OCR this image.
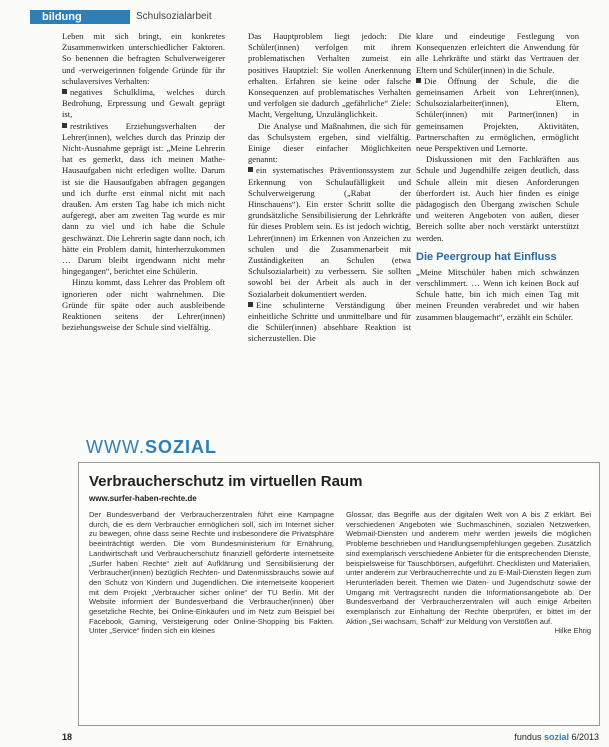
bildung	Schulsozialarbeit

Leben mit sich bringt, ein konkretes Zusammenwirken unterschiedlicher Faktoren. So benennen die befragten Schulverweigerer und -verweigerinnen folgende Gründe für ihr schulaversives Verhalten:

negatives Schulklima, welches durch Bedrohung, Erpressung und Gewalt geprägt ist,

restriktives Erziehungsverhalten der Lehrer(innen), welches durch das Prinzip der Nicht-Ausnahme geprägt ist: „Meine Lehrerin hat es gemerkt, dass ich meinen Mathe-Hausaufgaben nicht erledigen wollte. Darum ist sie die Hausaufgaben abfragen gegangen und ich durfte erst einmal nicht mit nach draußen. Am ersten Tag habe ich mich nicht aufgeregt, aber am zweiten Tag wurde es mir dann zu viel und ich habe die Schule geschwänzt. Die Lehrerin sagte dann noch, ich hätte ein Problem damit, hinterherzukommen … Darum bleibt irgendwann nicht mehr hingegangen“, berichtet eine Schülerin.

Hinzu kommt, dass Lehrer das Problem oft ignorieren oder nicht wahrnehmen. Die Gründe für späte oder auch ausbleibende Reaktionen seitens der Lehrer(innen) beziehungsweise der Schule sind vielfältig.

Das Hauptproblem liegt jedoch: Die Schüler(innen) verfolgen mit ihrem problematischen Verhalten zumeist ein positives Hauptziel: Sie wollen Anerkennung erhalten. Erfahren sie keine oder falsche Konsequenzen auf problematisches Verhalten und verfolgen sie dadurch „gefährliche“ Ziele: Macht, Vergeltung, Unzulänglichkeit.

Die Analyse und Maßnahmen, die sich für das Schulsystem ergeben, sind vielfältig. Einige dieser einfacher Möglichkeiten genannt:

ein systematisches Präventionssystem zur Erkennung von Schulaufälligkeit und Schulverweigerung („Rabat der Hinschauens“). Ein erster Schritt sollte die grundsätzliche Sensibilisierung der Lehrkräfte für dieses Problem sein. Es ist jedoch wichtig, Lehrer(innen) im Erkennen von Anzeichen zu schulen und die Zusammenarbeit mit Zuständigkeiten an Schulen (etwa Schulsozialarbeit) zu verbessern. Sie sollten sowohl bei der Arbeit als auch in der Sozialarbeit dokumentiert werden.

Eine schulinterne Verständigung über einheitliche Schritte und unmittelbare und für die Schüler(innen) absehbare Reaktion ist sicherzustellen. Die

klare und eindeutige Festlegung von Konsequenzen erleichtert die Anwendung für alle Lehrkräfte und stärkt das Vertrauen der Eltern und Schüler(innen) in die Schule.

Die Öffnung der Schule, die die gemeinsamen Arbeit von Lehrer(innen), Schulsozialarbeiter(innen), Eltern, Schüler(innen) mit Partner(innen) in gemeinsamen Projekten, Aktivitäten, Partnerschaften zu ermöglichen, ermöglicht neue Perspektiven und Lernorte.

Diskussionen mit den Fachkräften aus Schule und Jugendhilfe zeigen deutlich, dass Schule allein mit diesen Anforderungen überfordert ist. Auch hier finden es einige pädagogisch den Übergang zwischen Schule und weiteren Angeboten von außen, dieser Bereich sollte aber noch verstärkt unterstützt werden.

Die Peergroup hat Einfluss

„Meine Mitschüler haben mich schwänzen verschlimmert. … Wenn ich keinen Bock auf Schule hatte, bin ich mich einen Tag mit meinen Freunden verabredet und wir haben zusammen blaugemacht“, erzählt ein Schüler.

WWW.SOZIAL
Verbraucherschutz im virtuellen Raum
www.surfer-haben-rechte.de

Der Bundesverband der Verbraucherzentralen führt eine Kampagne durch, die es dem Verbraucher ermöglichen soll, sich im Internet sicher zu bewegen, ohne dass seine Rechte und insbesondere die Privatsphäre beeinträchtigt werden. Die vom Bundesministerium für Ernährung, Landwirtschaft und Verbraucherschutz finanziell geförderte internetseite „Surfer haben Rechte“ zielt auf Aufklärung und Sensibilisierung der Verbraucher(innen) bezüglich Rechten- und Datenmissbrauchs sowie auf den Schutz von Kindern und Jugendlichen. Die internetseite kooperiert mit dem Projekt „Verbraucher sicher online“ der TU Berlin. Mit der Website informiert der Bundesverband die Verbraucher(innen) über gesetzliche Rechte, bei Online-Einkäufen und im Netz zum Beispiel bei Facebook, Gaming, Versteigerung oder Online-Shopping bis Fakten. Unter „Service“ finden sich ein kleines

Glossar, das Begriffe aus der digitalen Welt von A bis Z erklärt. Bei verschiedenen Angeboten wie Suchmaschinen, sozialen Netzwerken, Webmail-Diensten und anderem mehr werden jeweils die möglichen Probleme beschrieben und Handlungsempfehlungen gegeben. Zusätzlich sind exemplarisch verschiedene Anbieter für die entsprechenden Dienste, beispielsweise für Tauschbörsen, aufgeführt. Checklisten und Materialien, unter anderem zur Verbraucherrechte und zu E-Mail-Diensten liegen zum Herunterladen bereit. Themen wie Daten- und Jugendschutz sowie der Umgang mit Vertragsrecht runden die Informationsangebote ab. Der Bundesverband der Verbraucherzentralen will auch einige Arbeiten exemplarisch zur Einhaltung der Rechte überprüfen, er bittet im der Aktion „Sei wachsam, Schaff“ zur Meldung von Verstößen auf.

Hilke Ehrig

18	fundus sozial 6/2013
